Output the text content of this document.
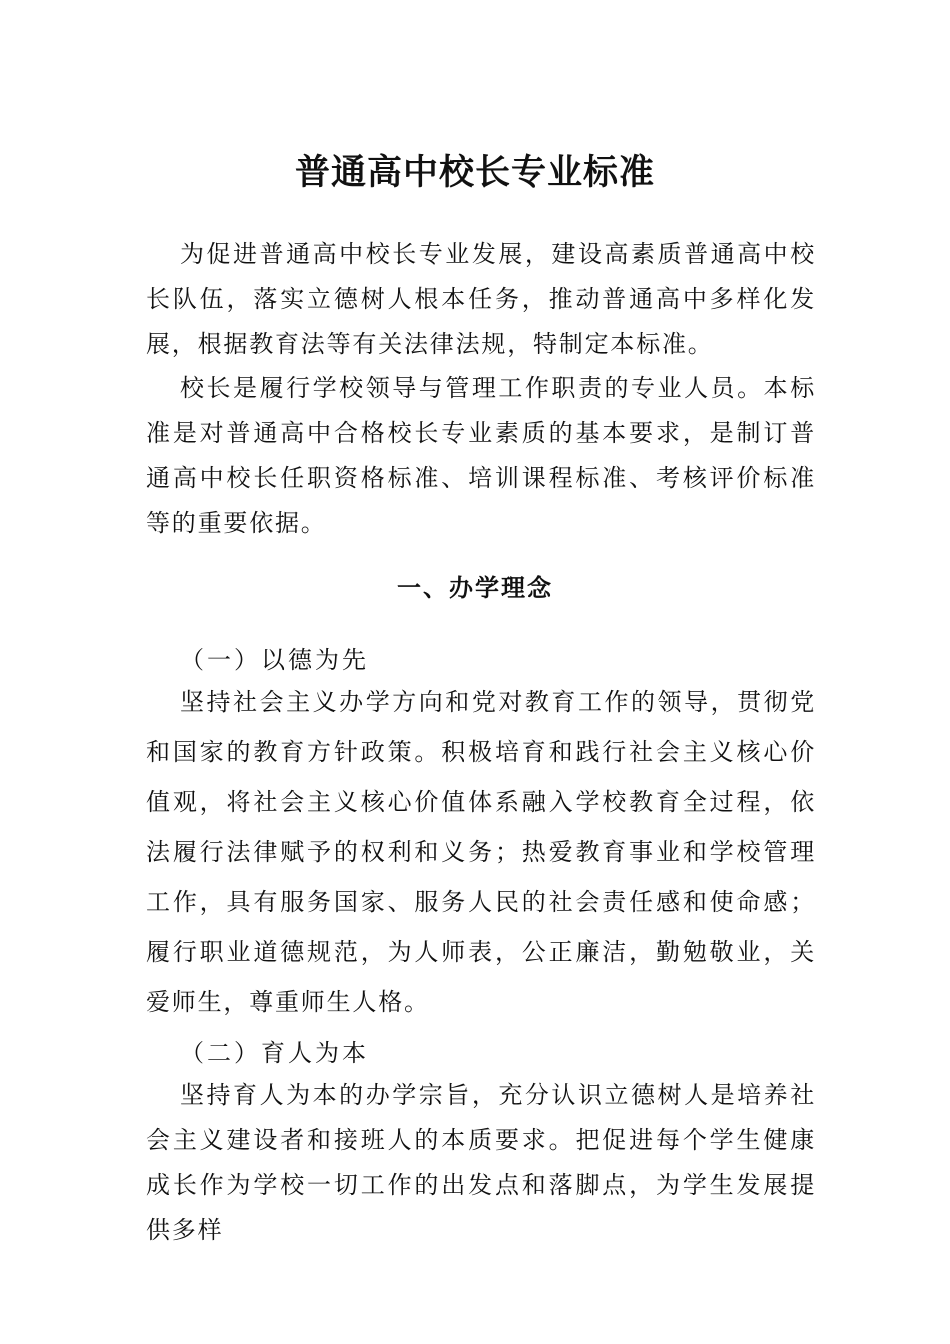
普通高中校长专业标准

为促进普通高中校长专业发展，建设高素质普通高中校长队伍，落实立德树人根本任务，推动普通高中多样化发展，根据教育法等有关法律法规，特制定本标准。

校长是履行学校领导与管理工作职责的专业人员。本标准是对普通高中合格校长专业素质的基本要求，是制订普通高中校长任职资格标准、培训课程标准、考核评价标准等的重要依据。

一、办学理念
（一）以德为先

坚持社会主义办学方向和党对教育工作的领导，贯彻党和国家的教育方针政策。积极培育和践行社会主义核心价值观，将社会主义核心价值体系融入学校教育全过程，依法履行法律赋予的权利和义务；热爱教育事业和学校管理工作，具有服务国家、服务人民的社会责任感和使命感；履行职业道德规范，为人师表，公正廉洁，勤勉敬业，关爱师生，尊重师生人格。

（二）育人为本

坚持育人为本的办学宗旨，充分认识立德树人是培养社会主义建设者和接班人的本质要求。把促进每个学生健康成长作为学校一切工作的出发点和落脚点，为学生发展提供多样
